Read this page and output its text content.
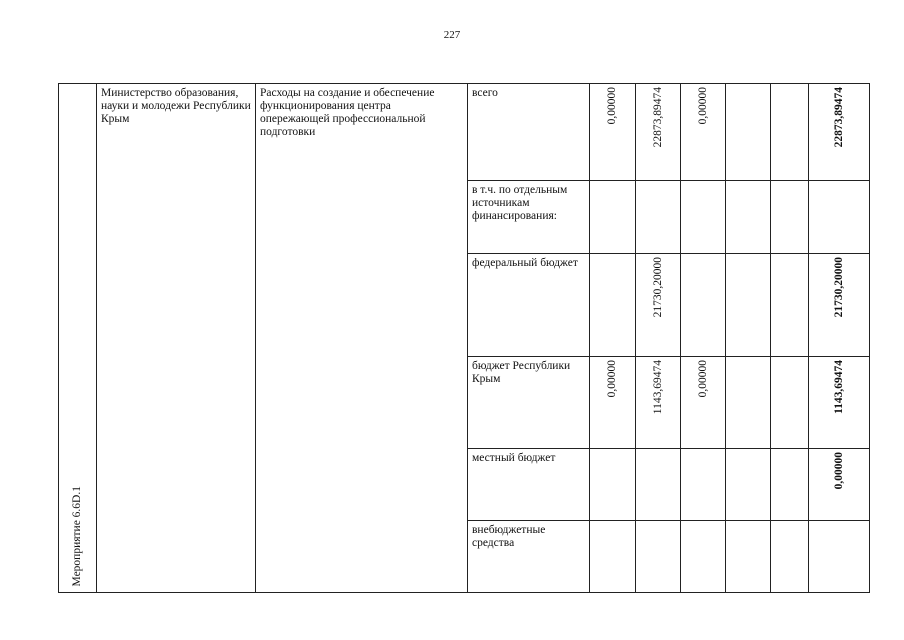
227
Мероприятие 6.6D.1	Министерство образования, науки и молодежи Республики Крым	Расходы на создание и обеспечение функционирования центра опережающей профессиональной подготовки	всего	0,00000	22873,89474	0,00000			22873,89474

			в т.ч. по отдельным источникам финансирования:	

			федеральный бюджет		21730,20000				21730,20000

			бюджет Республики Крым	0,00000	1143,69474	0,00000			1143,69474

			местный бюджет						0,00000

			внебюджетные средства	
